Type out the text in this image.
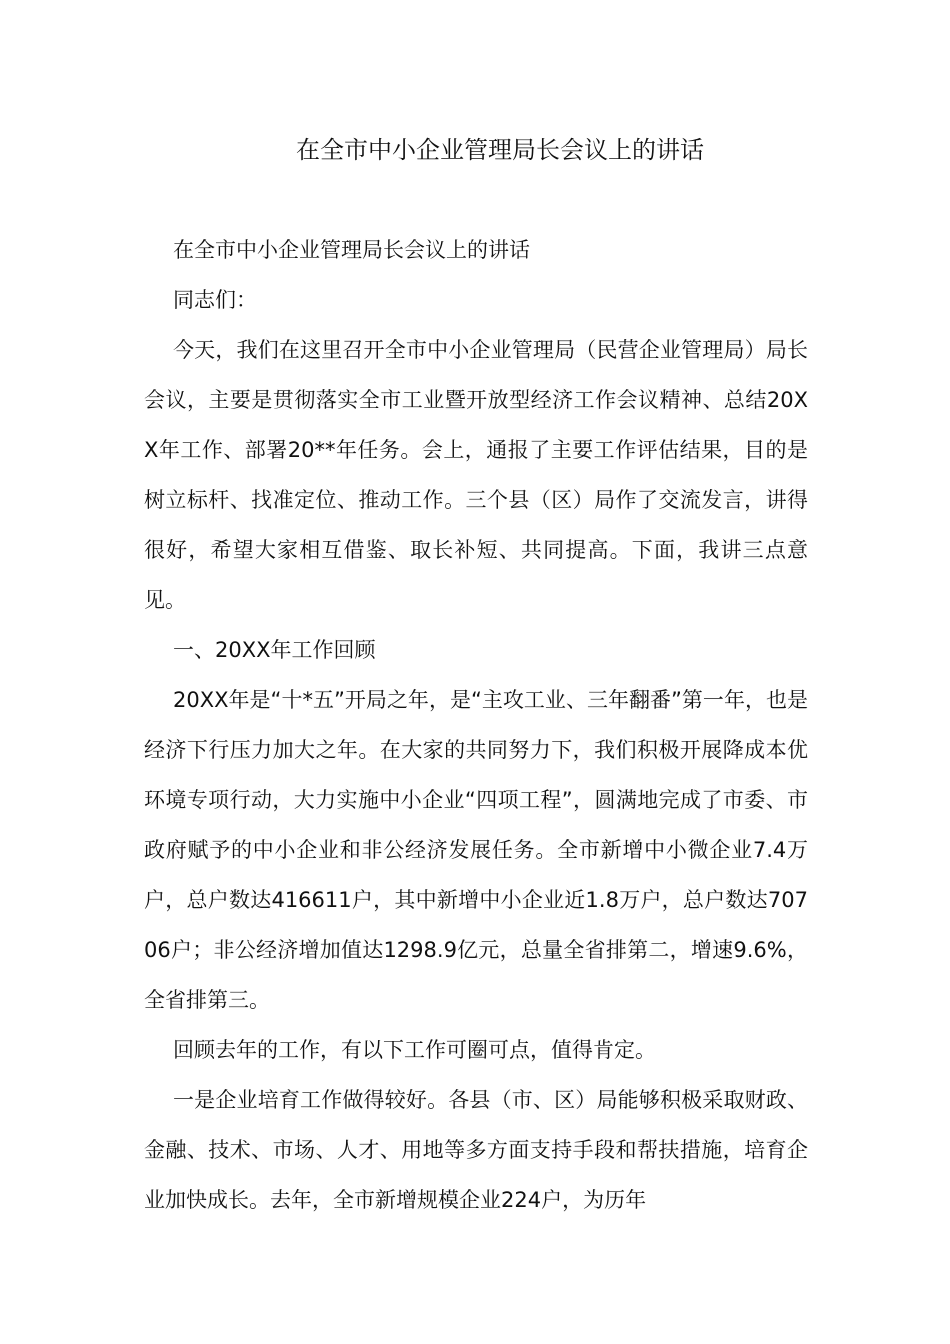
在全市中小企业管理局长会议上的讲话

在全市中小企业管理局长会议上的讲话

同志们：

今天，我们在这里召开全市中小企业管理局（民营企业管理局）局长会议，主要是贯彻落实全市工业暨开放型经济工作会议精神、总结20XX年工作、部署20**年任务。会上，通报了主要工作评估结果，目的是树立标杆、找准定位、推动工作。三个县（区）局作了交流发言，讲得很好，希望大家相互借鉴、取长补短、共同提高。下面，我讲三点意见。

一、20XX年工作回顾

20XX年是“十*五”开局之年，是“主攻工业、三年翻番”第一年，也是经济下行压力加大之年。在大家的共同努力下，我们积极开展降成本优环境专项行动，大力实施中小企业“四项工程”，圆满地完成了市委、市政府赋予的中小企业和非公经济发展任务。全市新增中小微企业7.4万户，总户数达416611户，其中新增中小企业近1.8万户，总户数达70706户；非公经济增加值达1298.9亿元，总量全省排第二，增速9.6%，全省排第三。

回顾去年的工作，有以下工作可圈可点，值得肯定。

一是企业培育工作做得较好。各县（市、区）局能够积极采取财政、金融、技术、市场、人才、用地等多方面支持手段和帮扶措施，培育企业加快成长。去年，全市新增规模企业224户，为历年
